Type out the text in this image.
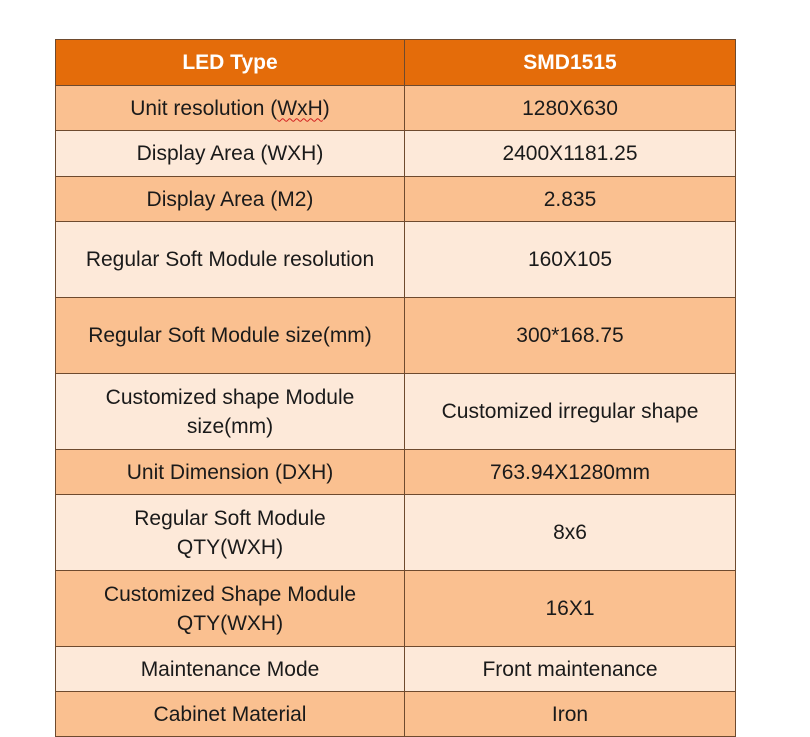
LED Type	SMD1515
Unit resolution (WxH)	1280X630
Display Area (WXH)	2400X1181.25
Display Area (M2)	2.835
Regular Soft Module resolution	160X105
Regular Soft Module size(mm)	300*168.75
Customized shape Module
size(mm)	Customized irregular shape
Unit Dimension (DXH)	763.94X1280mm
Regular Soft Module
QTY(WXH)	8x6
Customized Shape Module
QTY(WXH)	16X1
Maintenance Mode	Front maintenance
Cabinet Material	Iron
